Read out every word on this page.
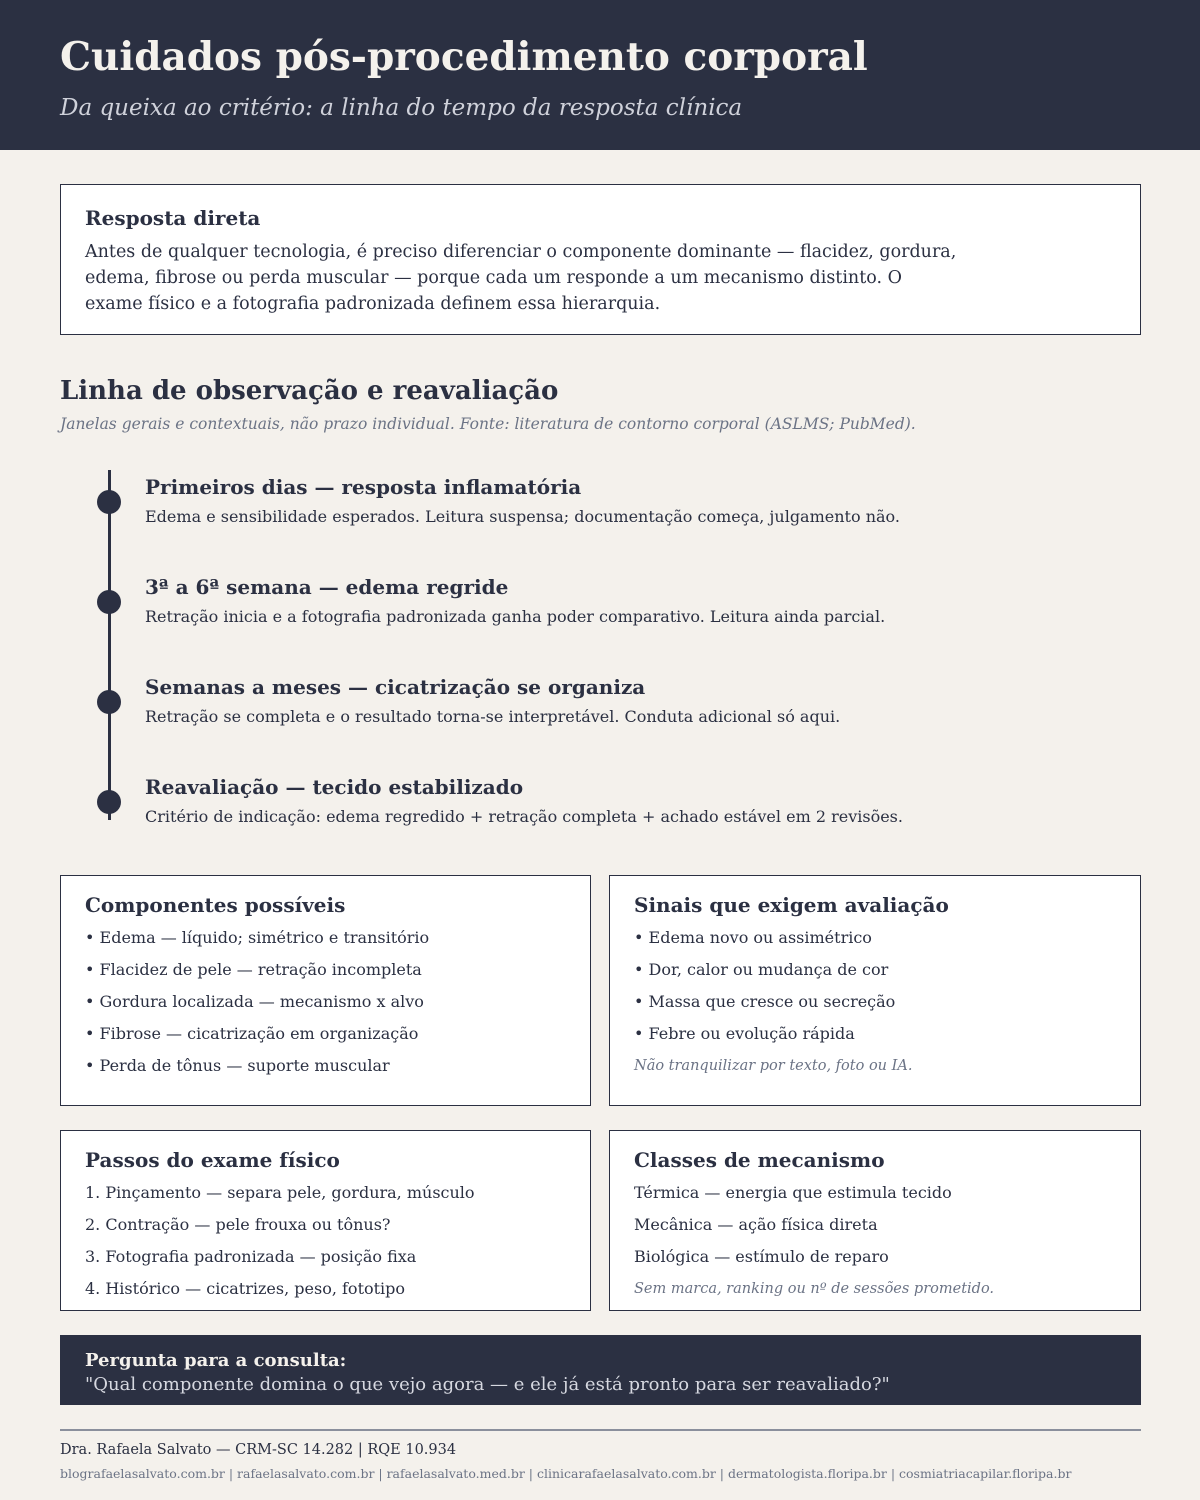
Cuidados pós-procedimento corporal
Da queixa ao critério: a linha do tempo da resposta clínica
Resposta direta

Antes de qualquer tecnologia, é preciso diferenciar o componente dominante — flacidez, gordura, edema, fibrose ou perda muscular — porque cada um responde a um mecanismo distinto. O exame físico e a fotografia padronizada definem essa hierarquia.

Linha de observação e reavaliação
Janelas gerais e contextuais, não prazo individual. Fonte: literatura de contorno corporal (ASLMS; PubMed).
Primeiros dias — resposta inflamatória

Edema e sensibilidade esperados. Leitura suspensa; documentação começa, julgamento não.

3ª a 6ª semana — edema regride

Retração inicia e a fotografia padronizada ganha poder comparativo. Leitura ainda parcial.

Semanas a meses — cicatrização se organiza

Retração se completa e o resultado torna-se interpretável. Conduta adicional só aqui.

Reavaliação — tecido estabilizado

Critério de indicação: edema regredido + retração completa + achado estável em 2 revisões.

Componentes possíveis
• Edema — líquido; simétrico e transitório
• Flacidez de pele — retração incompleta
• Gordura localizada — mecanismo x alvo
• Fibrose — cicatrização em organização
• Perda de tônus — suporte muscular
Sinais que exigem avaliação
• Edema novo ou assimétrico
• Dor, calor ou mudança de cor
• Massa que cresce ou secreção
• Febre ou evolução rápida
Não tranquilizar por texto, foto ou IA.
Passos do exame físico
1. Pinçamento — separa pele, gordura, músculo
2. Contração — pele frouxa ou tônus?
3. Fotografia padronizada — posição fixa
4. Histórico — cicatrizes, peso, fototipo
Classes de mecanismo
Térmica — energia que estimula tecido
Mecânica — ação física direta
Biológica — estímulo de reparo
Sem marca, ranking ou nº de sessões prometido.
Pergunta para a consulta:
"Qual componente domina o que vejo agora — e ele já está pronto para ser reavaliado?"
Dra. Rafaela Salvato — CRM-SC 14.282 | RQE 10.934
blografaelasalvato.com.br | rafaelasalvato.com.br | rafaelasalvato.med.br | clinicarafaelasalvato.com.br | dermatologista.floripa.br | cosmiatriacapilar.floripa.br
